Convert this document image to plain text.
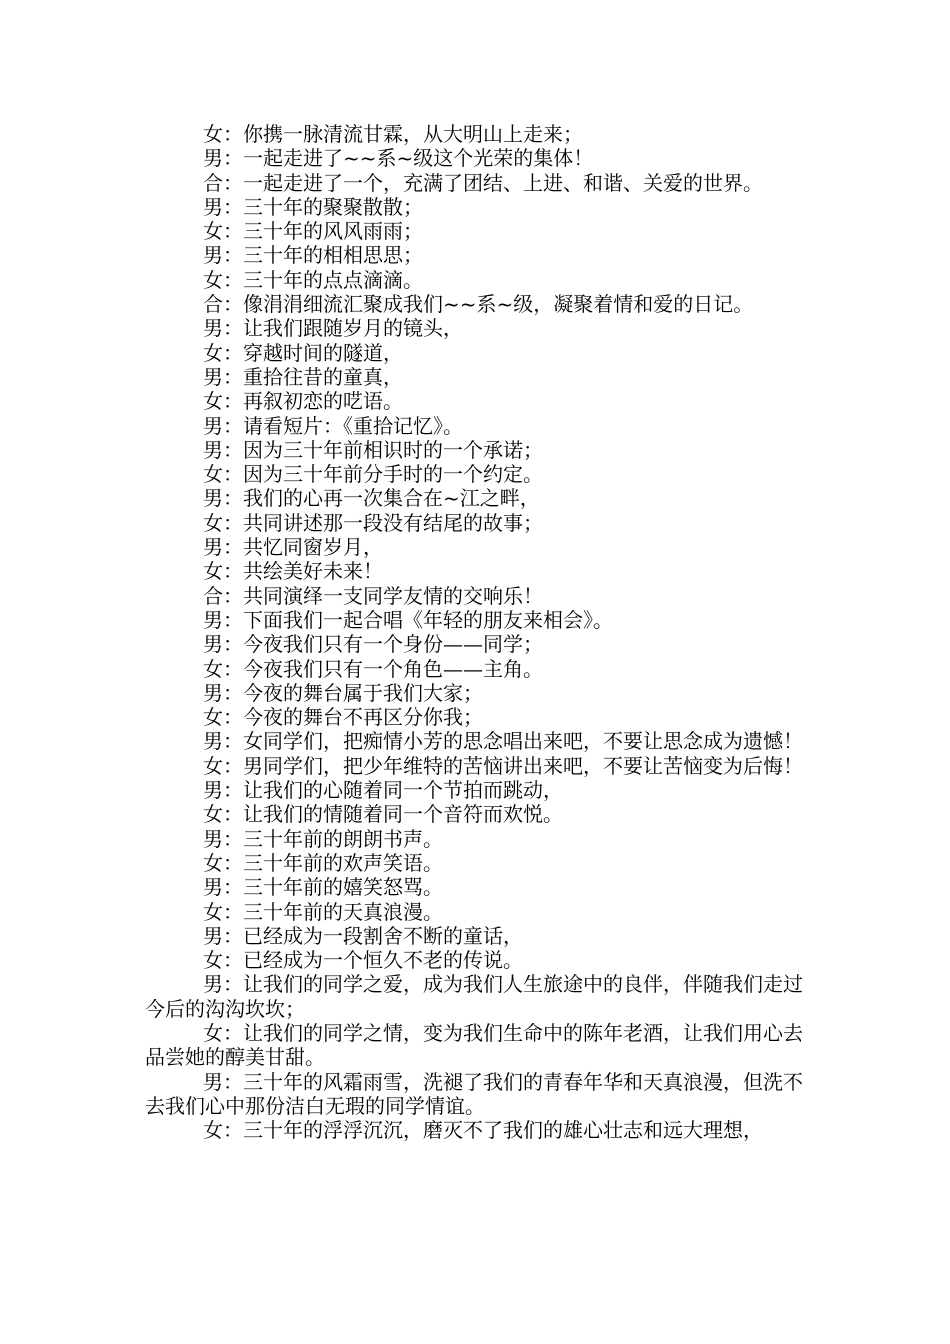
女：你携一脉清流甘霖，从大明山上走来；

男：一起走进了~~系~级这个光荣的集体！

合：一起走进了一个，充满了团结、上进、和谐、关爱的世界。

男：三十年的聚聚散散；

女：三十年的风风雨雨；

男：三十年的相相思思；

女：三十年的点点滴滴。

合：像涓涓细流汇聚成我们~~系~级，凝聚着情和爱的日记。

男：让我们跟随岁月的镜头，

女：穿越时间的隧道，

男：重拾往昔的童真，

女：再叙初恋的呓语。

男：请看短片：《重拾记忆》。

男：因为三十年前相识时的一个承诺；

女：因为三十年前分手时的一个约定。

男：我们的心再一次集合在~江之畔，

女：共同讲述那一段没有结尾的故事；

男：共忆同窗岁月，

女：共绘美好未来！

合：共同演绎一支同学友情的交响乐！

男：下面我们一起合唱《年轻的朋友来相会》。

男：今夜我们只有一个身份——同学；

女：今夜我们只有一个角色——主角。

男：今夜的舞台属于我们大家；

女：今夜的舞台不再区分你我；

男：女同学们，把痴情小芳的思念唱出来吧，不要让思念成为遗憾！

女：男同学们，把少年维特的苦恼讲出来吧，不要让苦恼变为后悔！

男：让我们的心随着同一个节拍而跳动，

女：让我们的情随着同一个音符而欢悦。

男：三十年前的朗朗书声。

女：三十年前的欢声笑语。

男：三十年前的嬉笑怒骂。

女：三十年前的天真浪漫。

男：已经成为一段割舍不断的童话，

女：已经成为一个恒久不老的传说。

男：让我们的同学之爱，成为我们人生旅途中的良伴，伴随我们走过今后的沟沟坎坎；

女：让我们的同学之情，变为我们生命中的陈年老酒，让我们用心去品尝她的醇美甘甜。

男：三十年的风霜雨雪，洗褪了我们的青春年华和天真浪漫，但洗不去我们心中那份洁白无瑕的同学情谊。

女：三十年的浮浮沉沉，磨灭不了我们的雄心壮志和远大理想，
